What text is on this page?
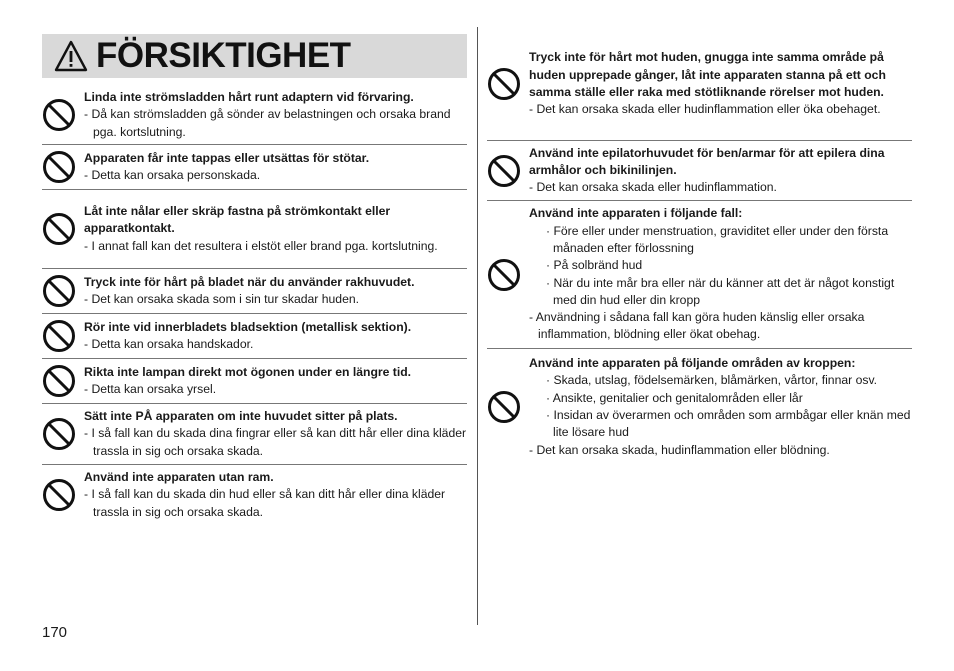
FÖRSIKTIGHET
Linda inte strömsladden hårt runt adaptern vid förvaring.
- Då kan strömsladden gå sönder av belastningen och orsaka brand pga. kortslutning.
Apparaten får inte tappas eller utsättas för stötar.
- Detta kan orsaka personskada.
Låt inte nålar eller skräp fastna på strömkontakt eller apparatkontakt.
- I annat fall kan det resultera i elstöt eller brand pga. kortslutning.
Tryck inte för hårt på bladet när du använder rakhuvudet.
- Det kan orsaka skada som i sin tur skadar huden.
Rör inte vid innerbladets bladsektion (metallisk sektion).
- Detta kan orsaka handskador.
Rikta inte lampan direkt mot ögonen under en längre tid.
- Detta kan orsaka yrsel.
Sätt inte PÅ apparaten om inte huvudet sitter på plats.
- I så fall kan du skada dina fingrar eller så kan ditt hår eller dina kläder trassla in sig och orsaka skada.
Använd inte apparaten utan ram.
- I så fall kan du skada din hud eller så kan ditt hår eller dina kläder trassla in sig och orsaka skada.
Tryck inte för hårt mot huden, gnugga inte samma område på huden upprepade gånger, låt inte apparaten stanna på ett och samma ställe eller raka med stötliknande rörelser mot huden.
- Det kan orsaka skada eller hudinflammation eller öka obehaget.
Använd inte epilatorhuvudet för ben/armar för att epilera dina armhålor och bikinilinjen.
- Det kan orsaka skada eller hudinflammation.
Använd inte apparaten i följande fall:
· Före eller under menstruation, graviditet eller under den första månaden efter förlossning
· På solbränd hud
· När du inte mår bra eller när du känner att det är något konstigt med din hud eller din kropp
- Användning i sådana fall kan göra huden känslig eller orsaka inflammation, blödning eller ökat obehag.
Använd inte apparaten på följande områden av kroppen:
· Skada, utslag, födelsemärken, blåmärken, vårtor, finnar osv.
· Ansikte, genitalier och genitalområden eller lår
· Insidan av överarmen och områden som armbågar eller knän med lite lösare hud
- Det kan orsaka skada, hudinflammation eller blödning.
170
